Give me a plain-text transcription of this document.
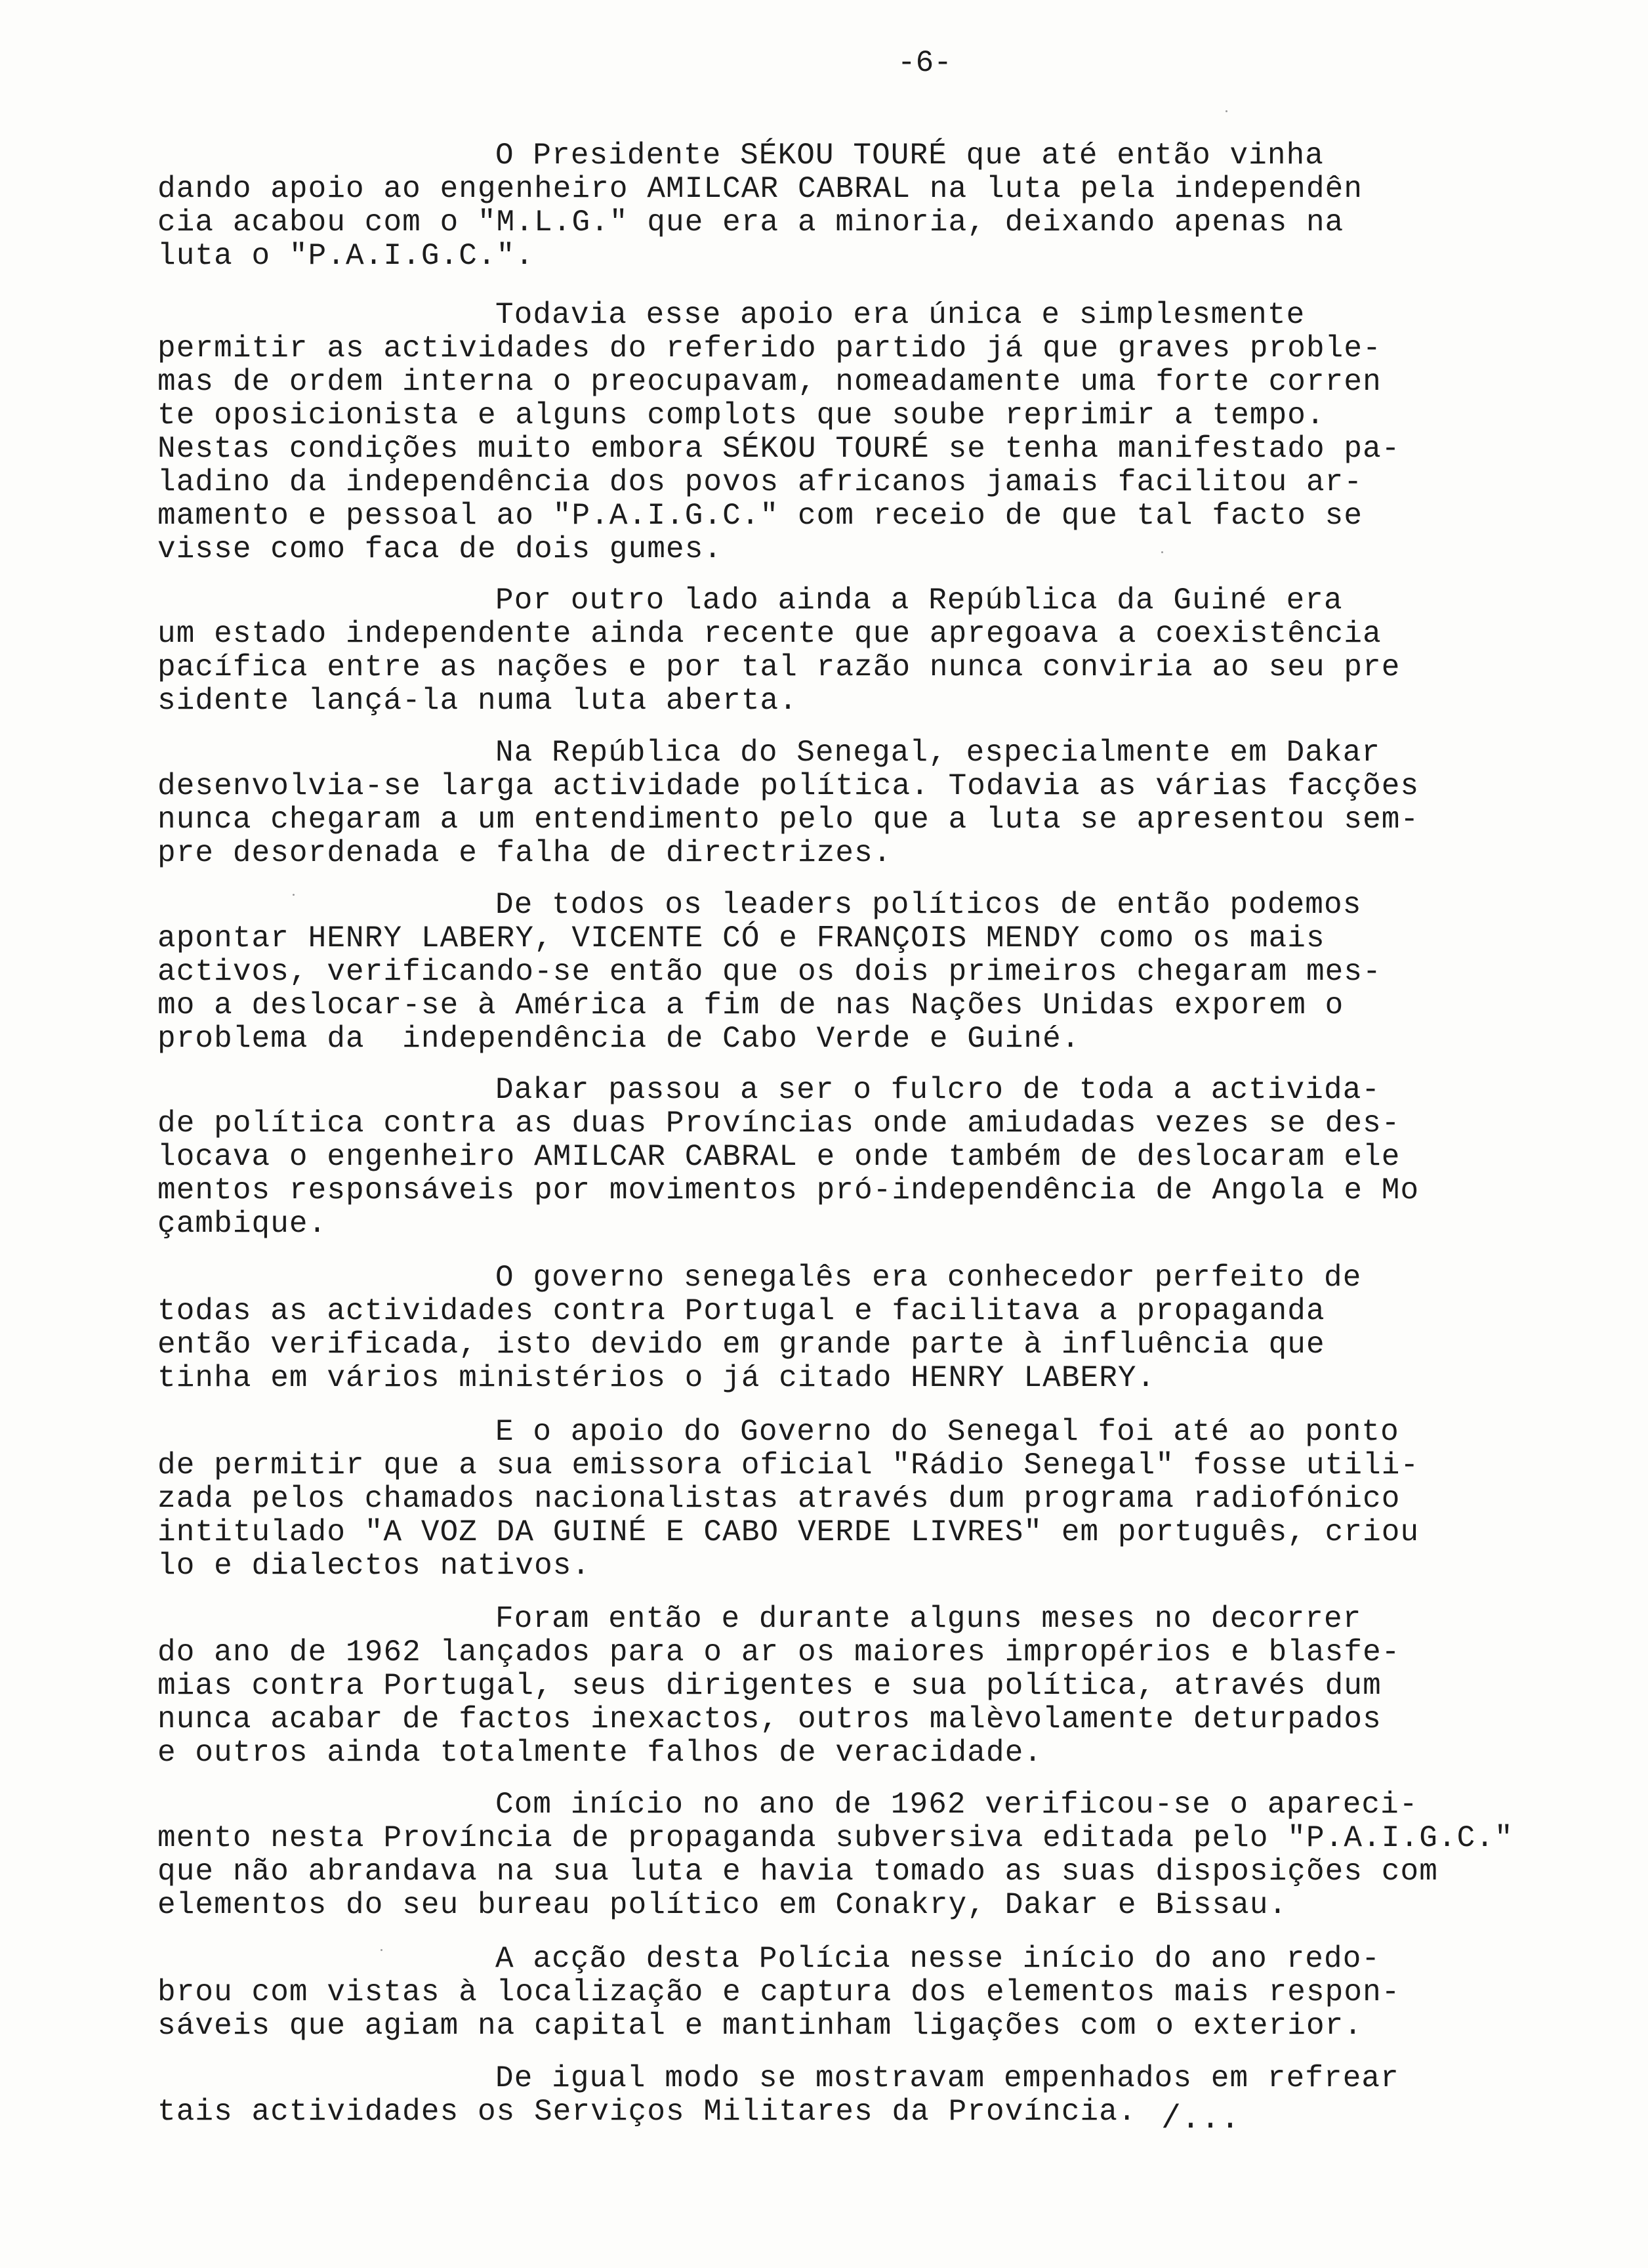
-6-
O Presidente SÉKOU TOURÉ que até então vinha
dando apoio ao engenheiro AMILCAR CABRAL na luta pela independên
cia acabou com o "M.L.G." que era a minoria, deixando apenas na
luta o "P.A.I.G.C.".
Todavia esse apoio era única e simplesmente
permitir as actividades do referido partido já que graves proble-
mas de ordem interna o preocupavam, nomeadamente uma forte corren
te oposicionista e alguns complots que soube reprimir a tempo.
Nestas condições muito embora SÉKOU TOURÉ se tenha manifestado pa-
ladino da independência dos povos africanos jamais facilitou ar-
mamento e pessoal ao "P.A.I.G.C." com receio de que tal facto se
visse como faca de dois gumes.
Por outro lado ainda a República da Guiné era
um estado independente ainda recente que apregoava a coexistência
pacífica entre as nações e por tal razão nunca conviria ao seu pre
sidente lançá-la numa luta aberta.
Na República do Senegal, especialmente em Dakar
desenvolvia-se larga actividade política. Todavia as várias facções
nunca chegaram a um entendimento pelo que a luta se apresentou sem-
pre desordenada e falha de directrizes.
De todos os leaders políticos de então podemos
apontar HENRY LABERY, VICENTE CÓ e FRANÇOIS MENDY como os mais
activos, verificando-se então que os dois primeiros chegaram mes-
mo a deslocar-se à América a fim de nas Nações Unidas exporem o
problema da  independência de Cabo Verde e Guiné.
Dakar passou a ser o fulcro de toda a activida-
de política contra as duas Províncias onde amiudadas vezes se des-
locava o engenheiro AMILCAR CABRAL e onde também de deslocaram ele
mentos responsáveis por movimentos pró-independência de Angola e Mo
çambique.
O governo senegalês era conhecedor perfeito de
todas as actividades contra Portugal e facilitava a propaganda
então verificada, isto devido em grande parte à influência que
tinha em vários ministérios o já citado HENRY LABERY.
E o apoio do Governo do Senegal foi até ao ponto
de permitir que a sua emissora oficial "Rádio Senegal" fosse utili-
zada pelos chamados nacionalistas através dum programa radiofónico
intitulado "A VOZ DA GUINÉ E CABO VERDE LIVRES" em português, criou
lo e dialectos nativos.
Foram então e durante alguns meses no decorrer
do ano de 1962 lançados para o ar os maiores impropérios e blasfe-
mias contra Portugal, seus dirigentes e sua política, através dum
nunca acabar de factos inexactos, outros malèvolamente deturpados
e outros ainda totalmente falhos de veracidade.
Com início no ano de 1962 verificou-se o apareci-
mento nesta Província de propaganda subversiva editada pelo "P.A.I.G.C."
que não abrandava na sua luta e havia tomado as suas disposições com
elementos do seu bureau político em Conakry, Dakar e Bissau.
A acção desta Polícia nesse início do ano redo-
brou com vistas à localização e captura dos elementos mais respon-
sáveis que agiam na capital e mantinham ligações com o exterior.
De igual modo se mostravam empenhados em refrear
tais actividades os Serviços Militares da Província. /...
